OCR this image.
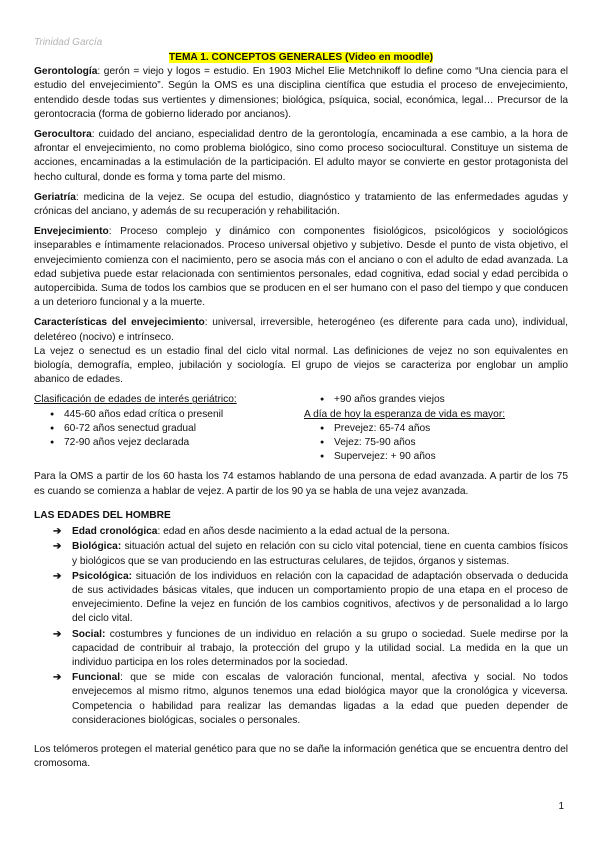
Trinidad García
TEMA 1. CONCEPTOS GENERALES (Video en moodle)

Gerontología: gerón = viejo y logos = estudio. En 1903 Michel Elie Metchnikoff lo define como “Una ciencia para el estudio del envejecimiento”. Según la OMS es una disciplina científica que estudia el proceso de envejecimiento, entendido desde todas sus vertientes y dimensiones; biológica, psíquica, social, económica, legal… Precursor de la gerontocracia (forma de gobierno liderado por ancianos).

Gerocultora: cuidado del anciano, especialidad dentro de la gerontología, encaminada a ese cambio, a la hora de afrontar el envejecimiento, no como problema biológico, sino como proceso sociocultural. Constituye un sistema de acciones, encaminadas a la estimulación de la participación. El adulto mayor se convierte en gestor protagonista del hecho cultural, donde es forma y toma parte del mismo.

Geriatría: medicina de la vejez. Se ocupa del estudio, diagnóstico y tratamiento de las enfermedades agudas y crónicas del anciano, y además de su recuperación y rehabilitación.

Envejecimiento: Proceso complejo y dinámico con componentes fisiológicos, psicológicos y sociológicos inseparables e íntimamente relacionados. Proceso universal objetivo y subjetivo. Desde el punto de vista objetivo, el envejecimiento comienza con el nacimiento, pero se asocia más con el anciano o con el adulto de edad avanzada. La edad subjetiva puede estar relacionada con sentimientos personales, edad cognitiva, edad social y edad percibida o autopercibida. Suma de todos los cambios que se producen en el ser humano con el paso del tiempo y que conducen a un deterioro funcional y a la muerte.

Características del envejecimiento: universal, irreversible, heterogéneo (es diferente para cada uno), individual, deletéreo (nocivo) e intrínseco.

La vejez o senectud es un estadio final del ciclo vital normal. Las definiciones de vejez no son equivalentes en biología, demografía, empleo, jubilación y sociología. El grupo de viejos se caracteriza por englobar un amplio abanico de edades.

Clasificación de edades de interés geriátrico:
● 445-60 años edad crítica o presenil
● 60-72 años senectud gradual
● 72-90 años vejez declarada
● +90 años grandes viejos
A día de hoy la esperanza de vida es mayor:
● Prevejez: 65-74 años
● Vejez: 75-90 años
● Supervejez: + 90 años

Para la OMS a partir de los 60 hasta los 74 estamos hablando de una persona de edad avanzada. A partir de los 75 es cuando se comienza a hablar de vejez. A partir de los 90 ya se habla de una vejez avanzada.

LAS EDADES DEL HOMBRE
➔ Edad cronológica: edad en años desde nacimiento a la edad actual de la persona.
➔ Biológica: situación actual del sujeto en relación con su ciclo vital potencial, tiene en cuenta cambios físicos y biológicos que se van produciendo en las estructuras celulares, de tejidos, órganos y sistemas.
➔ Psicológica: situación de los individuos en relación con la capacidad de adaptación observada o deducida de sus actividades básicas vitales, que inducen un comportamiento propio de una etapa en el proceso de envejecimiento. Define la vejez en función de los cambios cognitivos, afectivos y de personalidad a lo largo del ciclo vital.
➔ Social: costumbres y funciones de un individuo en relación a su grupo o sociedad. Suele medirse por la capacidad de contribuir al trabajo, la protección del grupo y la utilidad social. La medida en la que un individuo participa en los roles determinados por la sociedad.
➔ Funcional: que se mide con escalas de valoración funcional, mental, afectiva y social. No todos envejecemos al mismo ritmo, algunos tenemos una edad biológica mayor que la cronológica y viceversa. Competencia o habilidad para realizar las demandas ligadas a la edad que pueden depender de consideraciones biológicas, sociales o personales.

Los telómeros protegen el material genético para que no se dañe la información genética que se encuentra dentro del cromosoma.

1
